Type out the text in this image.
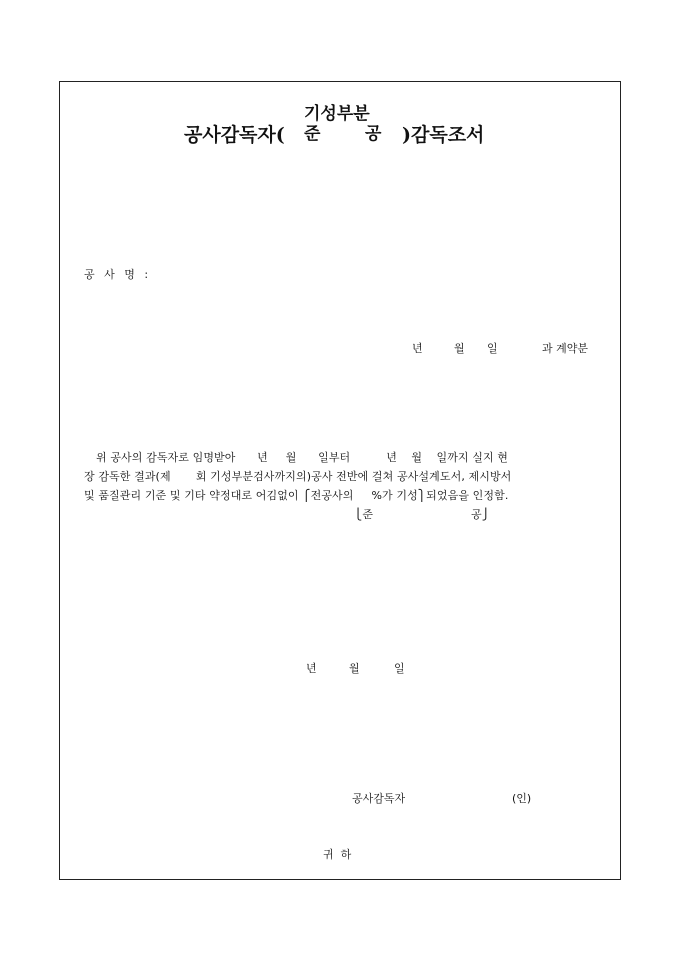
공사감독자(
기성부분
준	공 )감독조서
공 사 명 :
년	월 일	과 계약분
위 공사의 감독자로 임명받아      년     월      일부터          년    월    일까지 실지 현
장 감독한 결과(제       회 기성부분검사까지의)공사 전반에 걸쳐 공사설계도서, 제시방서
및 품질관리 기준 및 기타 약정대로 어김없이 ⎧전공사의     %가 기성⎫되었음을 인정함.
⎩준	공⎭
년	월	일
공사감독자	(인)
귀  하
